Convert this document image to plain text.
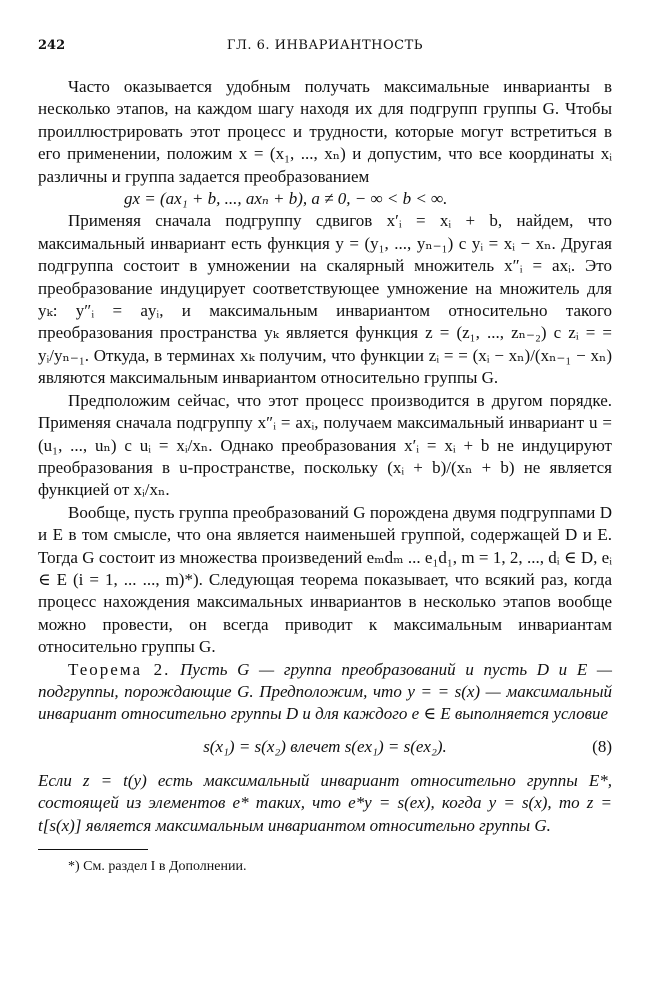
242	ГЛ. 6. ИНВАРИАНТНОСТЬ

Часто оказывается удобным получать максимальные инварианты в несколько этапов, на каждом шагу находя их для подгрупп группы G. Чтобы проиллюстрировать этот процесс и трудности, которые могут встретиться в его применении, положим x = (x₁, ..., xₙ) и допустим, что все координаты xᵢ различны и группа задается преобразованием

gx = (ax₁ + b, ..., axₙ + b), a ≠ 0, − ∞ < b < ∞.

Применяя сначала подгруппу сдвигов x′ᵢ = xᵢ + b, найдем, что максимальный инвариант есть функция y = (y₁, ..., yₙ₋₁) с yᵢ = xᵢ − xₙ. Другая подгруппа состоит в умножении на скалярный множитель x″ᵢ = axᵢ. Это преобразование индуцирует соответствующее умножение на множитель для yₖ: y″ᵢ = ayᵢ, и максимальным инвариантом относительно такого преобразования пространства yₖ является функция z = (z₁, ..., zₙ₋₂) с zᵢ = = yᵢ/yₙ₋₁. Откуда, в терминах xₖ получим, что функции zᵢ = = (xᵢ − xₙ)/(xₙ₋₁ − xₙ) являются максимальным инвариантом относительно группы G.

Предположим сейчас, что этот процесс производится в другом порядке. Применяя сначала подгруппу x″ᵢ = axᵢ, получаем максимальный инвариант u = (u₁, ..., uₙ) с uᵢ = xᵢ/xₙ. Однако преобразования x′ᵢ = xᵢ + b не индуцируют преобразования в u-пространстве, поскольку (xᵢ + b)/(xₙ + b) не является функцией от xᵢ/xₙ.

Вообще, пусть группа преобразований G порождена двумя подгруппами D и E в том смысле, что она является наименьшей группой, содержащей D и E. Тогда G состоит из множества произведений eₘdₘ ... e₁d₁, m = 1, 2, ..., dᵢ ∈ D, eᵢ ∈ E (i = 1, ... ..., m)*). Следующая теорема показывает, что всякий раз, когда процесс нахождения максимальных инвариантов в несколько этапов вообще можно провести, он всегда приводит к максимальным инвариантам относительно группы G.

Теорема 2. Пусть G — группа преобразований и пусть D и E — подгруппы, порождающие G. Предположим, что y = = s(x) — максимальный инвариант относительно группы D и для каждого e ∈ E выполняется условие

s(x₁) = s(x₂) влечет s(ex₁) = s(ex₂).	(8)

Если z = t(y) есть максимальный инвариант относительно группы E*, состоящей из элементов e* таких, что e*y = s(ex), когда y = s(x), то z = t[s(x)] является максимальным инвариантом относительно группы G.

*) См. раздел I в Дополнении.
